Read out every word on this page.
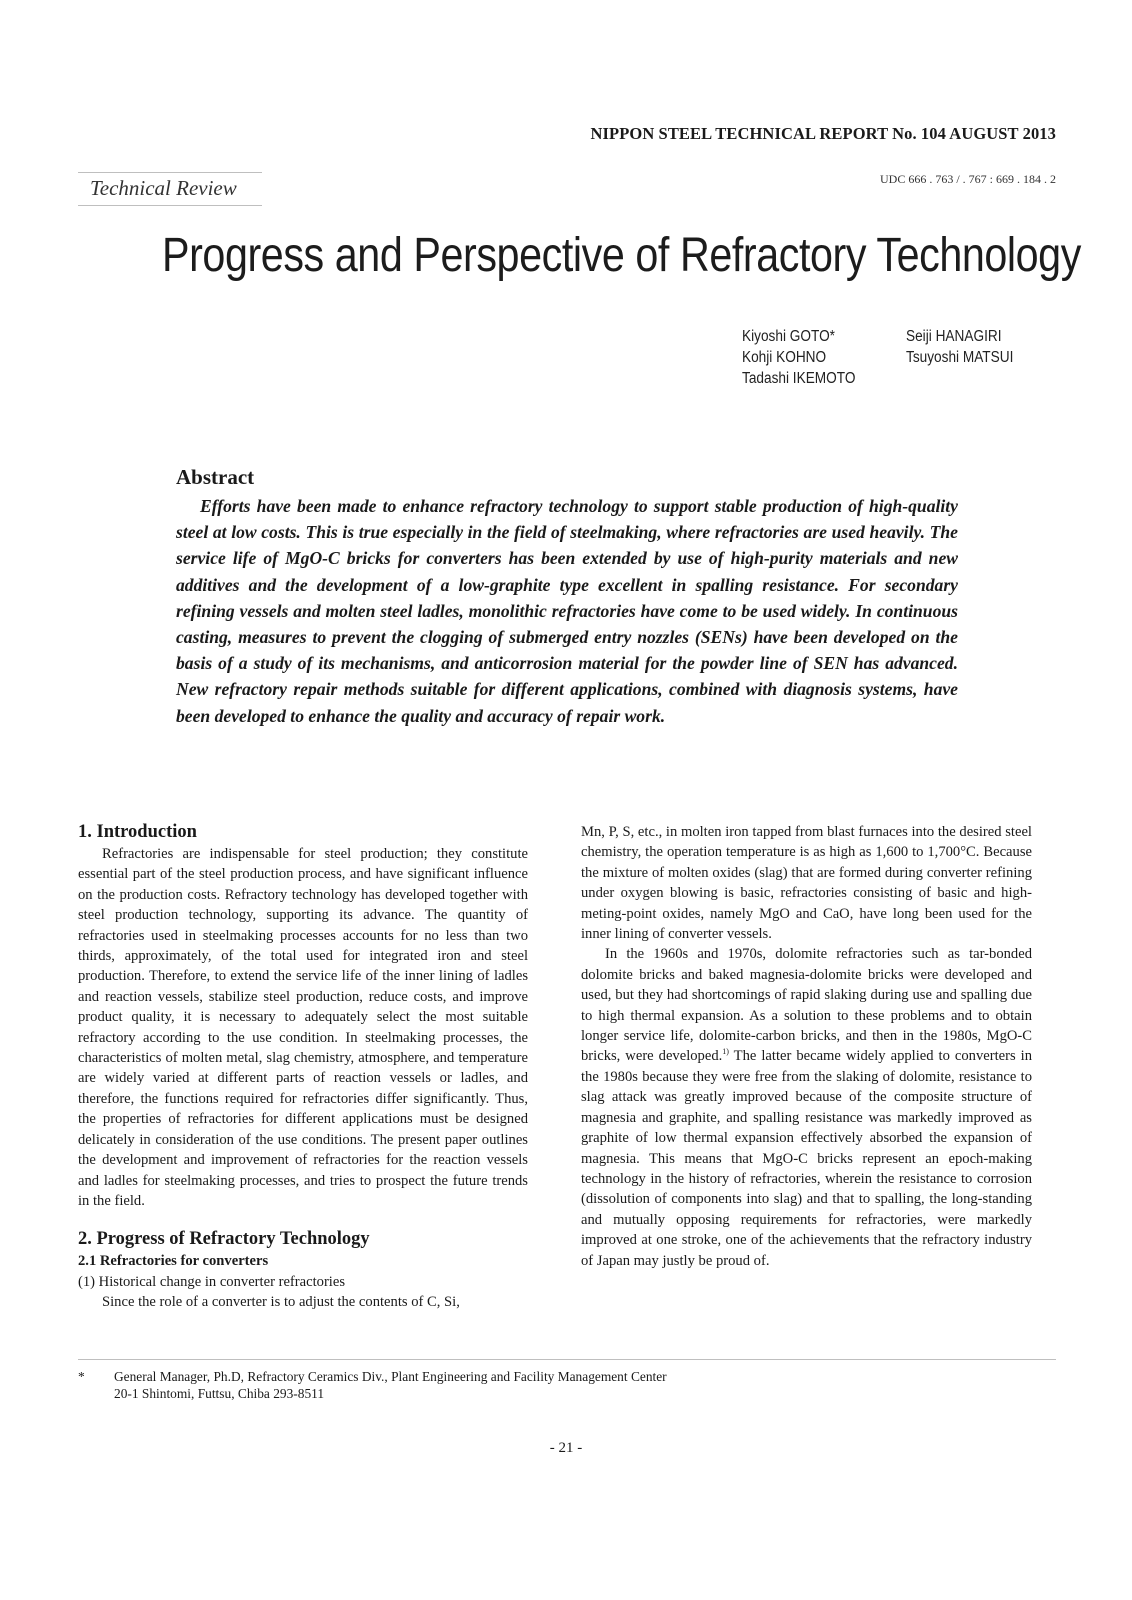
NIPPON STEEL TECHNICAL REPORT No. 104 AUGUST 2013
UDC 666 . 763 / . 767 : 669 . 184 . 2
Technical Review
Progress and Perspective of Refractory Technology
Kiyoshi GOTO*
Kohji KOHNO
Tadashi IKEMOTO
Seiji HANAGIRI
Tsuyoshi MATSUI
Abstract
Efforts have been made to enhance refractory technology to support stable production of high-quality steel at low costs. This is true especially in the field of steelmaking, where refractories are used heavily. The service life of MgO-C bricks for converters has been extended by use of high-purity materials and new additives and the development of a low-graphite type excellent in spalling resistance. For secondary refining vessels and molten steel ladles, monolithic refractories have come to be used widely. In continuous casting, measures to prevent the clogging of submerged entry nozzles (SENs) have been developed on the basis of a study of its mechanisms, and anticorrosion material for the powder line of SEN has advanced. New refractory repair methods suitable for different applications, combined with diagnosis systems, have been developed to enhance the quality and accuracy of repair work.
1. Introduction

Refractories are indispensable for steel production; they constitute essential part of the steel production process, and have significant influence on the production costs. Refractory technology has developed together with steel production technology, supporting its advance. The quantity of refractories used in steelmaking processes accounts for no less than two thirds, approximately, of the total used for integrated iron and steel production. Therefore, to extend the service life of the inner lining of ladles and reaction vessels, stabilize steel production, reduce costs, and improve product quality, it is necessary to adequately select the most suitable refractory according to the use condition. In steelmaking processes, the characteristics of molten metal, slag chemistry, atmosphere, and temperature are widely varied at different parts of reaction vessels or ladles, and therefore, the functions required for refractories differ significantly. Thus, the properties of refractories for different applications must be designed delicately in consideration of the use conditions. The present paper outlines the development and improvement of refractories for the reaction vessels and ladles for steelmaking processes, and tries to prospect the future trends in the field.

2. Progress of Refractory Technology
2.1 Refractories for converters
(1) Historical change in converter refractories

Since the role of a converter is to adjust the contents of C, Si,

Mn, P, S, etc., in molten iron tapped from blast furnaces into the desired steel chemistry, the operation temperature is as high as 1,600 to 1,700°C. Because the mixture of molten oxides (slag) that are formed during converter refining under oxygen blowing is basic, refractories consisting of basic and high-meting-point oxides, namely MgO and CaO, have long been used for the inner lining of converter vessels.

In the 1960s and 1970s, dolomite refractories such as tar-bonded dolomite bricks and baked magnesia-dolomite bricks were developed and used, but they had shortcomings of rapid slaking during use and spalling due to high thermal expansion. As a solution to these problems and to obtain longer service life, dolomite-carbon bricks, and then in the 1980s, MgO-C bricks, were developed.$^{1)}$ The latter became widely applied to converters in the 1980s because they were free from the slaking of dolomite, resistance to slag attack was greatly improved because of the composite structure of magnesia and graphite, and spalling resistance was markedly improved as graphite of low thermal expansion effectively absorbed the expansion of magnesia. This means that MgO-C bricks represent an epoch-making technology in the history of refractories, wherein the resistance to corrosion (dissolution of components into slag) and that to spalling, the long-standing and mutually opposing requirements for refractories, were markedly improved at one stroke, one of the achievements that the refractory industry of Japan may justly be proud of.

* General Manager, Ph.D, Refractory Ceramics Div., Plant Engineering and Facility Management Center
20-1 Shintomi, Futtsu, Chiba 293-8511
- 21 -
